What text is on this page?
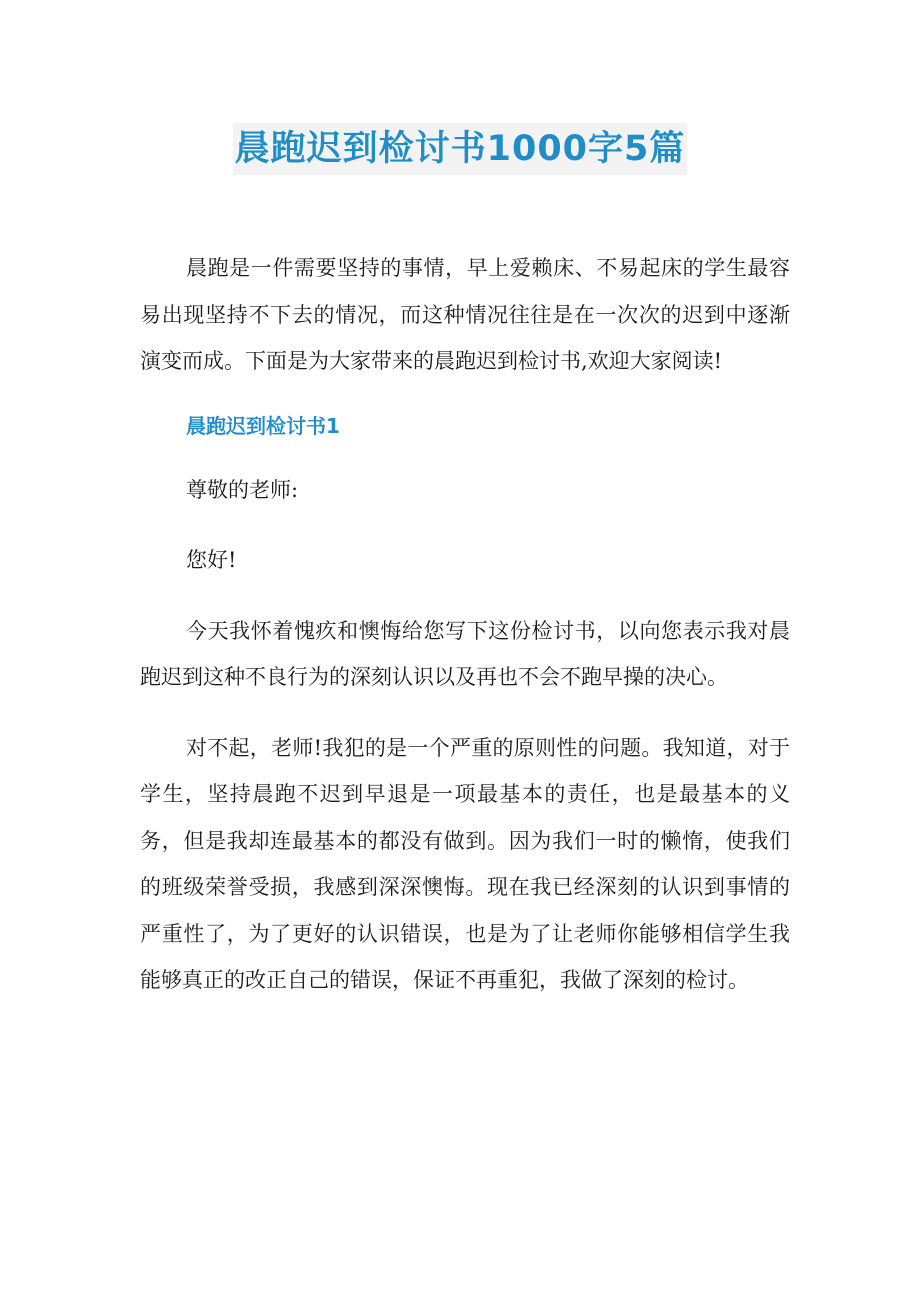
晨跑迟到检讨书1000字5篇

晨跑是一件需要坚持的事情，早上爱赖床、不易起床的学生最容易出现坚持不下去的情况，而这种情况往往是在一次次的迟到中逐渐演变而成。下面是为大家带来的晨跑迟到检讨书,欢迎大家阅读!

晨跑迟到检讨书1

尊敬的老师:

您好!

今天我怀着愧疚和懊悔给您写下这份检讨书，以向您表示我对晨跑迟到这种不良行为的深刻认识以及再也不会不跑早操的决心。

对不起，老师!我犯的是一个严重的原则性的问题。我知道，对于学生，坚持晨跑不迟到早退是一项最基本的责任，也是最基本的义务，但是我却连最基本的都没有做到。因为我们一时的懒惰，使我们的班级荣誉受损，我感到深深懊悔。现在我已经深刻的认识到事情的严重性了，为了更好的认识错误，也是为了让老师你能够相信学生我能够真正的改正自己的错误，保证不再重犯，我做了深刻的检讨。
